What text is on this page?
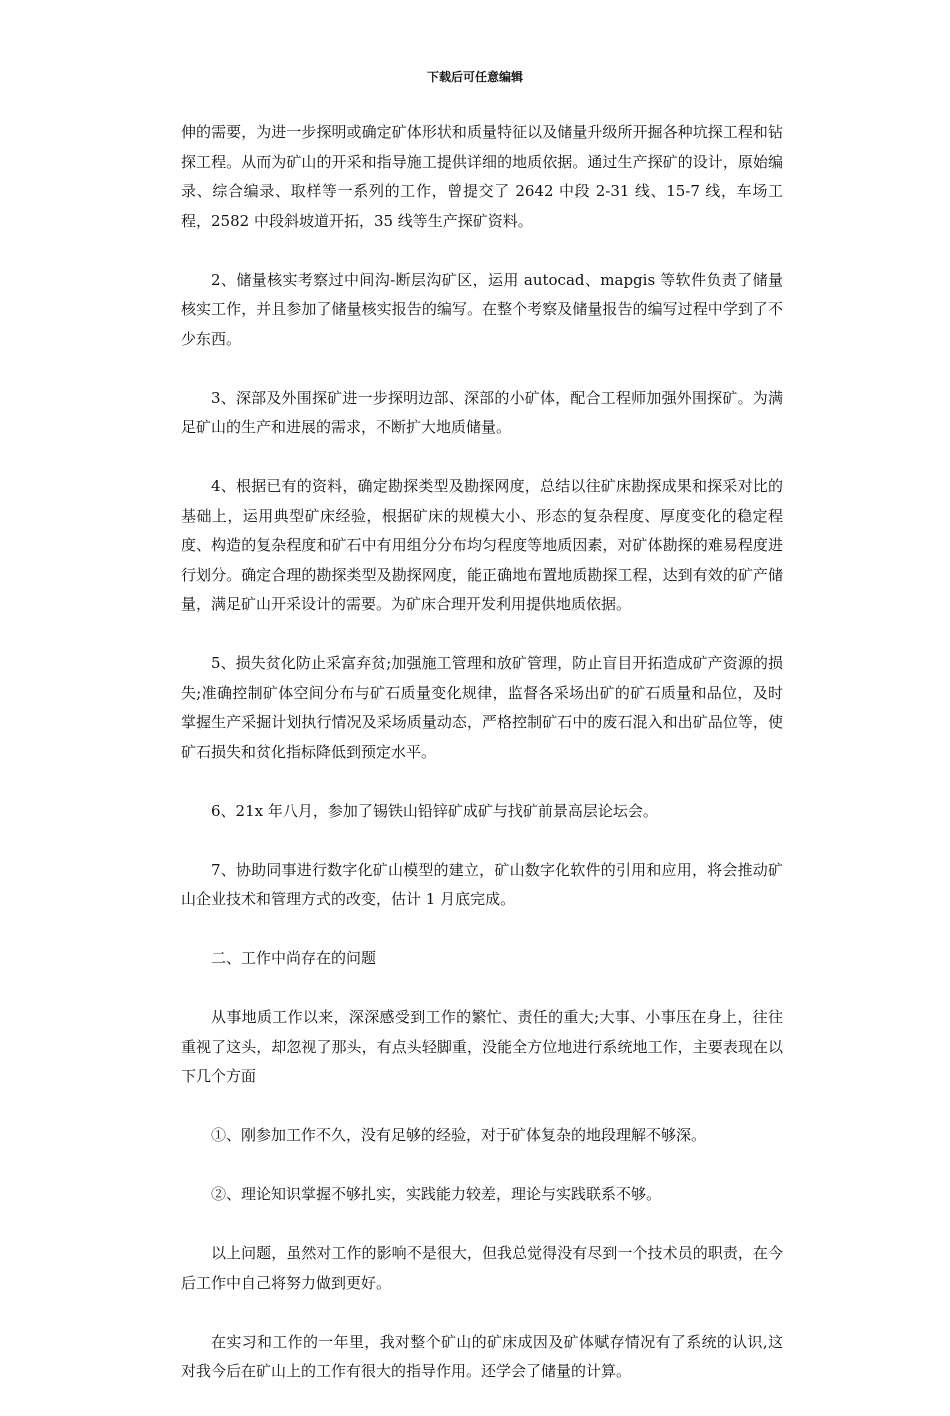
下载后可任意编辑

伸的需要，为进一步探明或确定矿体形状和质量特征以及储量升级所开掘各种坑探工程和钻探工程。从而为矿山的开采和指导施工提供详细的地质依据。通过生产探矿的设计，原始编录、综合编录、取样等一系列的工作，曾提交了 2642 中段 2-31 线、15-7 线，车场工程，2582 中段斜坡道开拓，35 线等生产探矿资料。

2、储量核实考察过中间沟-断层沟矿区，运用 autocad、mapgis 等软件负责了储量核实工作，并且参加了储量核实报告的编写。在整个考察及储量报告的编写过程中学到了不少东西。

3、深部及外围探矿进一步探明边部、深部的小矿体，配合工程师加强外围探矿。为满足矿山的生产和进展的需求，不断扩大地质储量。

4、根据已有的资料，确定勘探类型及勘探网度，总结以往矿床勘探成果和探采对比的基础上，运用典型矿床经验，根据矿床的规模大小、形态的复杂程度、厚度变化的稳定程度、构造的复杂程度和矿石中有用组分分布均匀程度等地质因素，对矿体勘探的难易程度进行划分。确定合理的勘探类型及勘探网度，能正确地布置地质勘探工程，达到有效的矿产储量，满足矿山开采设计的需要。为矿床合理开发利用提供地质依据。

5、损失贫化防止采富弃贫;加强施工管理和放矿管理，防止盲目开拓造成矿产资源的损失;准确控制矿体空间分布与矿石质量变化规律，监督各采场出矿的矿石质量和品位，及时掌握生产采掘计划执行情况及采场质量动态，严格控制矿石中的废石混入和出矿品位等，使矿石损失和贫化指标降低到预定水平。

6、21x 年八月，参加了锡铁山铅锌矿成矿与找矿前景高层论坛会。

7、协助同事进行数字化矿山模型的建立，矿山数字化软件的引用和应用，将会推动矿山企业技术和管理方式的改变，估计 1 月底完成。

二、工作中尚存在的问题

从事地质工作以来，深深感受到工作的繁忙、责任的重大;大事、小事压在身上，往往重视了这头，却忽视了那头，有点头轻脚重，没能全方位地进行系统地工作，主要表现在以下几个方面

①、刚参加工作不久，没有足够的经验，对于矿体复杂的地段理解不够深。

②、理论知识掌握不够扎实，实践能力较差，理论与实践联系不够。

以上问题，虽然对工作的影响不是很大，但我总觉得没有尽到一个技术员的职责，在今后工作中自己将努力做到更好。

在实习和工作的一年里，我对整个矿山的矿床成因及矿体赋存情况有了系统的认识,这对我今后在矿山上的工作有很大的指导作用。还学会了储量的计算。
